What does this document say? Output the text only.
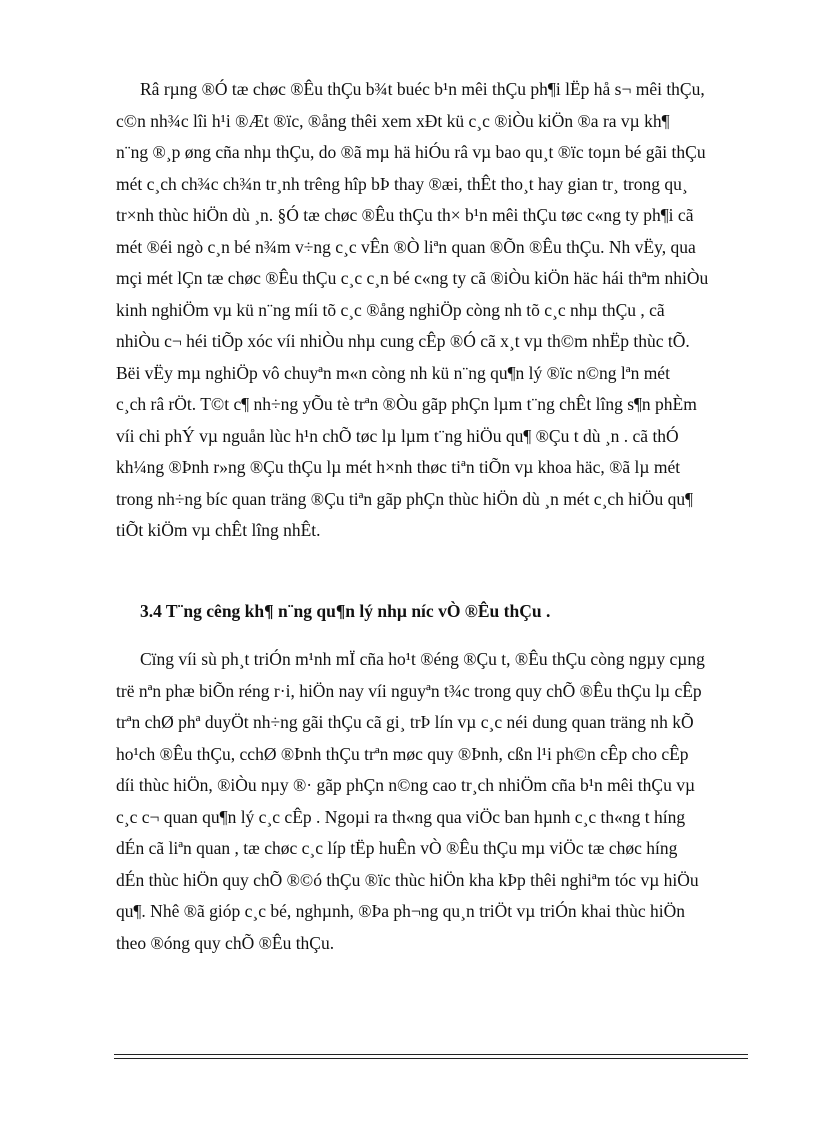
Râ rµng ®Ó tæ chøc ®Êu thÇu b¾t buéc b¹n mêi thÇu ph¶i lËp hå s¬ mêi thÇu,
c©n nh¾c lîi h¹i ®Æt ®ïc, ®ång thêi xem xÐt kü c¸c ®iÒu kiÖn ®a ra vµ kh¶
n¨ng ®¸p øng cña nhµ thÇu, do ®ã mµ hä hiÓu râ vµ bao qu¸t ®ïc toµn bé gãi thÇu
mét c¸ch ch¾c ch¾n tr¸nh trêng hîp bÞ thay ®æi, thÊt tho¸t hay gian tr¸ trong qu¸
tr×nh thùc hiÖn dù ¸n. §Ó tæ chøc ®Êu thÇu th× b¹n mêi thÇu tøc c«ng ty ph¶i cã
mét ®éi ngò c¸n bé n¾m v÷ng c¸c vÊn ®Ò liªn quan ®Õn ®Êu thÇu. Nh vËy, qua
mçi mét lÇn tæ chøc ®Êu thÇu c¸c c¸n bé c«ng ty cã ®iÒu kiÖn häc hái thªm nhiÒu
kinh nghiÖm vµ kü n¨ng míi tõ c¸c ®ång nghiÖp còng nh tõ c¸c nhµ thÇu , cã
nhiÒu c¬ héi tiÕp xóc víi nhiÒu nhµ cung cÊp ®Ó cã x¸t vµ th©m nhËp thùc tÕ.
Bëi vËy mµ nghiÖp vô chuyªn m«n còng nh kü n¨ng qu¶n lý ®ïc n©ng lªn mét
c¸ch râ rÖt. T©t c¶ nh÷ng yÕu tè trªn ®Òu gãp phÇn lµm t¨ng chÊt lîng s¶n phÈm
víi chi phÝ vµ nguån lùc h¹n chÕ tøc lµ lµm t¨ng hiÖu qu¶ ®Çu t dù ¸n . cã thÓ
kh¼ng ®Þnh r»ng ®Çu thÇu lµ mét h×nh thøc tiªn tiÕn vµ khoa häc, ®ã lµ mét
trong nh÷ng bíc quan träng ®Çu tiªn gãp phÇn thùc hiÖn dù ¸n mét c¸ch hiÖu qu¶
tiÕt kiÖm vµ chÊt lîng nhÊt.
3.4 T¨ng cêng kh¶ n¨ng qu¶n lý nhµ níc vÒ ®Êu thÇu .
Cïng víi sù ph¸t triÓn m¹nh mÏ cña ho¹t ®éng ®Çu t, ®Êu thÇu còng ngµy cµng
trë nªn phæ biÕn réng r·i, hiÖn nay víi nguyªn t¾c trong quy chÕ ®Êu thÇu lµ cÊp
trªn chØ phª duyÖt nh÷ng gãi thÇu cã gi¸ trÞ lín vµ c¸c néi dung quan träng nh kÕ
ho¹ch ®Êu thÇu, cchØ ®Þnh thÇu trªn møc quy ®Þnh, cßn l¹i ph©n cÊp cho cÊp
díi thùc hiÖn, ®iÒu nµy ®· gãp phÇn n©ng cao tr¸ch nhiÖm cña b¹n mêi thÇu vµ
c¸c c¬ quan qu¶n lý c¸c cÊp . Ngoµi ra th«ng qua viÖc ban hµnh c¸c th«ng t híng
dÉn cã liªn quan , tæ chøc c¸c líp tËp huÊn vÒ ®Êu thÇu mµ viÖc tæ chøc híng
dÉn thùc hiÖn quy chÕ ®©ó thÇu ®ïc thùc hiÖn kha kÞp thêi nghiªm tóc vµ hiÖu
qu¶. Nhê ®ã gióp c¸c bé, nghµnh, ®Þa ph¬ng qu¸n triÖt vµ triÓn khai thùc hiÖn
theo ®óng quy chÕ ®Êu thÇu.
